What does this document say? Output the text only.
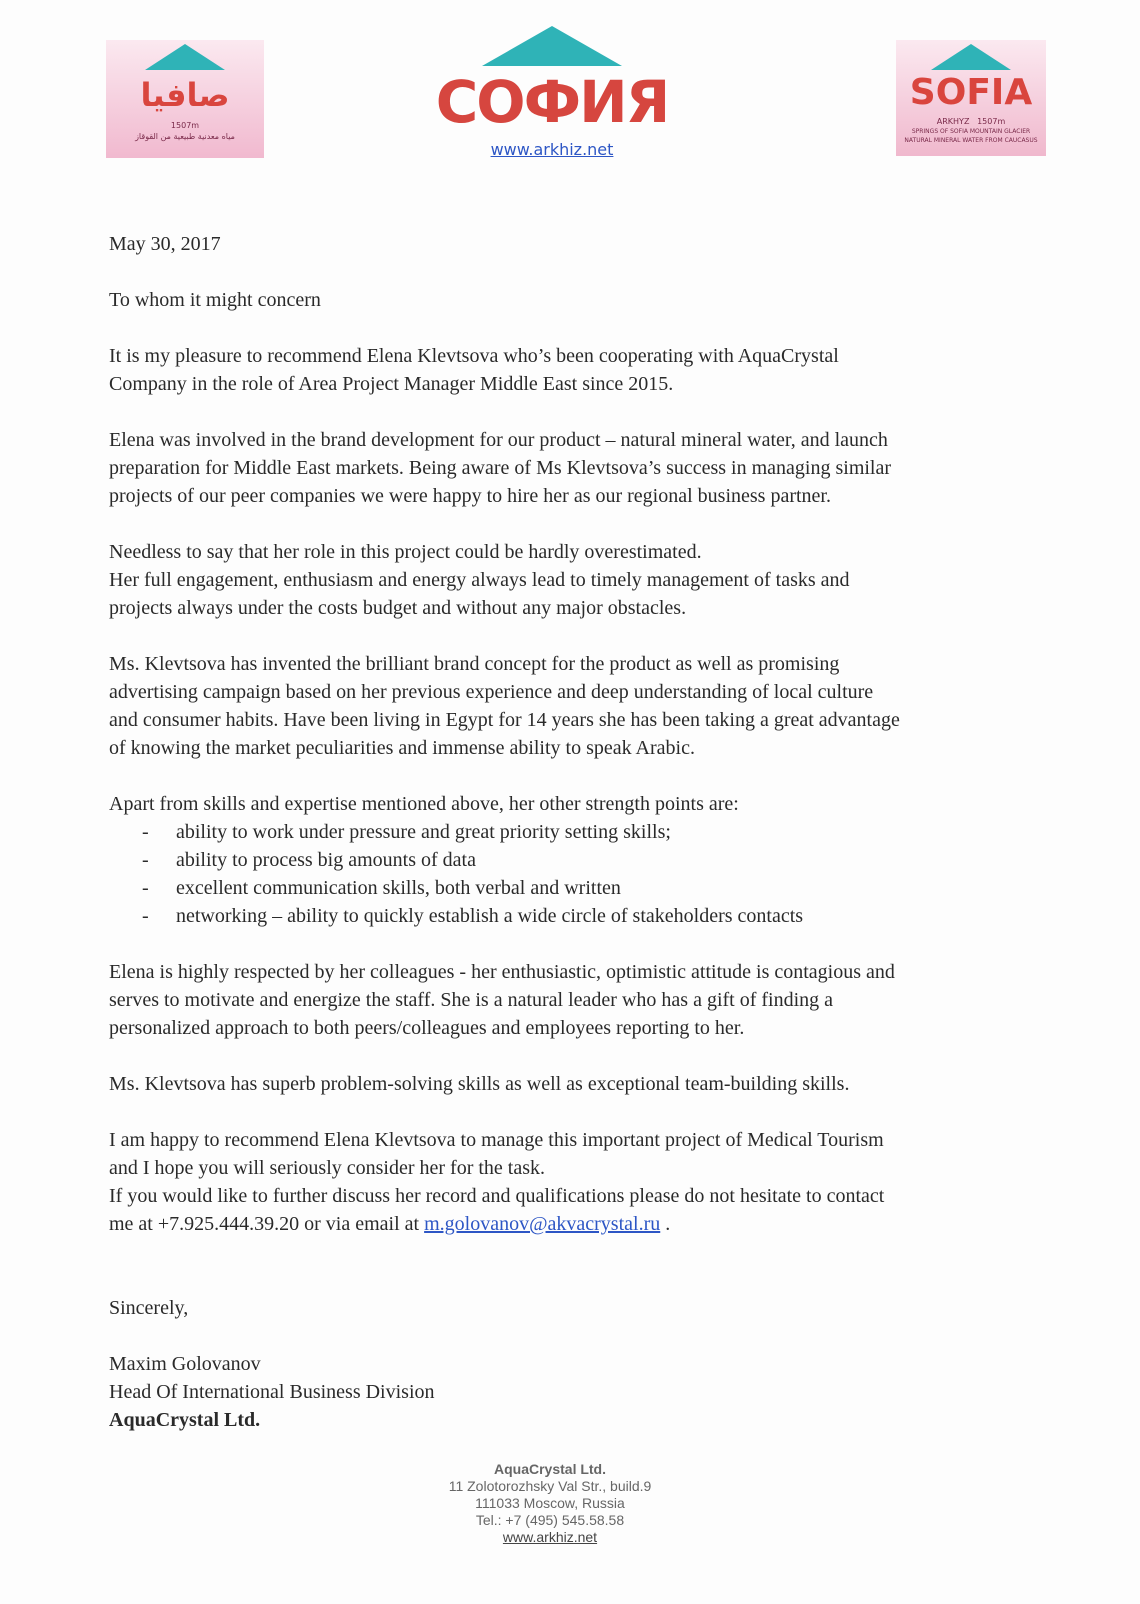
صافيا
1507m
مياه معدنية طبيعية من القوقاز
СОФИЯ
www.arkhiz.net
SOFIA
ARKHYZ 1507m
SPRINGS OF SOFIA MOUNTAIN GLACIER
NATURAL MINERAL WATER FROM CAUCASUS
May 30, 2017
To whom it might concern
It is my pleasure to recommend Elena Klevtsova who’s been cooperating with AquaCrystal
Company in the role of Area Project Manager Middle East since 2015.
Elena was involved in the brand development for our product – natural mineral water, and launch
preparation for Middle East markets. Being aware of Ms Klevtsova’s success in managing similar
projects of our peer companies we were happy to hire her as our regional business partner.
Needless to say that her role in this project could be hardly overestimated.
Her full engagement, enthusiasm and energy always lead to timely management of tasks and
projects always under the costs budget and without any major obstacles.
Ms. Klevtsova has invented the brilliant brand concept for the product as well as promising
advertising campaign based on her previous experience and deep understanding of local culture
and consumer habits. Have been living in Egypt for 14 years she has been taking a great advantage
of knowing the market peculiarities and immense ability to speak Arabic.
Apart from skills and expertise mentioned above, her other strength points are:
- ability to work under pressure and great priority setting skills;
- ability to process big amounts of data
- excellent communication skills, both verbal and written
- networking – ability to quickly establish a wide circle of stakeholders contacts
Elena is highly respected by her colleagues - her enthusiastic, optimistic attitude is contagious and
serves to motivate and energize the staff. She is a natural leader who has a gift of finding a
personalized approach to both peers/colleagues and employees reporting to her.
Ms. Klevtsova has superb problem-solving skills as well as exceptional team-building skills.
I am happy to recommend Elena Klevtsova to manage this important project of Medical Tourism
and I hope you will seriously consider her for the task.
If you would like to further discuss her record and qualifications please do not hesitate to contact
me at +7.925.444.39.20 or via email at m.golovanov@akvacrystal.ru .
Sincerely,
Maxim Golovanov
Head Of International Business Division
AquaCrystal Ltd.
AquaCrystal Ltd.
11 Zolotorozhsky Val Str., build.9
111033 Moscow, Russia
Tel.: +7 (495) 545.58.58
www.arkhiz.net
